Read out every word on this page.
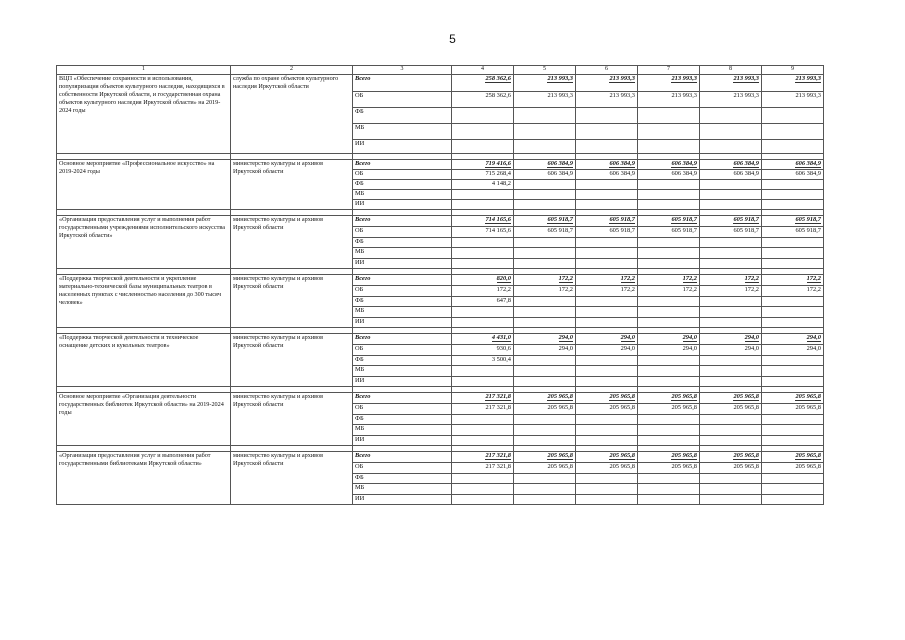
5
1	2	3	4	5	6	7	8	9
ВЦП «Обеспечение сохранности и использования, популяризация объектов культурного наследия, находящихся в собственности Иркутской области, и государственная охрана объектов культурного наследия Иркутской области» на 2019-2024 годы	служба по охране объектов культурного наследия Иркутской области	Всего	258 362,6	213 993,3	213 993,3	213 993,3	213 993,3	213 993,3
		ОБ	258 362,6	213 993,3	213 993,3	213 993,3	213 993,3	213 993,3
		ФБ						
		МБ						
		ИИ						

Основное мероприятие «Профессиональное искусство» на 2019-2024 годы	министерство культуры и архивов Иркутской области	Всего	719 416,6	606 384,9	606 384,9	606 384,9	606 384,9	606 384,9
		ОБ	715 268,4	606 384,9	606 384,9	606 384,9	606 384,9	606 384,9
		ФБ	4 148,2					
		МБ						
		ИИ						

«Организация предоставления услуг и выполнения работ государственными учреждениями исполнительского искусства Иркутской области»	министерство культуры и архивов Иркутской области	Всего	714 165,6	605 918,7	605 918,7	605 918,7	605 918,7	605 918,7
		ОБ	714 165,6	605 918,7	605 918,7	605 918,7	605 918,7	605 918,7
		ФБ						
		МБ						
		ИИ						

«Поддержка творческой деятельности и укрепление материально-технической базы муниципальных театров в населенных пунктах с численностью населения до 300 тысяч человек»	министерство культуры и архивов Иркутской области	Всего	820,0	172,2	172,2	172,2	172,2	172,2
		ОБ	172,2	172,2	172,2	172,2	172,2	172,2
		ФБ	647,8					
		МБ						
		ИИ						

«Поддержка творческой деятельности и техническое оснащение детских и кукольных театров»	министерство культуры и архивов Иркутской области	Всего	4 431,0	294,0	294,0	294,0	294,0	294,0
		ОБ	930,6	294,0	294,0	294,0	294,0	294,0
		ФБ	3 500,4					
		МБ						
		ИИ						

Основное мероприятие «Организация деятельности государственных библиотек Иркутской области» на 2019-2024 годы	министерство культуры и архивов Иркутской области	Всего	217 321,8	205 965,8	205 965,8	205 965,8	205 965,8	205 965,8
		ОБ	217 321,8	205 965,8	205 965,8	205 965,8	205 965,8	205 965,8
		ФБ						
		МБ						
		ИИ						

«Организация предоставления услуг и выполнения работ государственными библиотеками Иркутской области»	министерство культуры и архивов Иркутской области	Всего	217 321,8	205 965,8	205 965,8	205 965,8	205 965,8	205 965,8
		ОБ	217 321,8	205 965,8	205 965,8	205 965,8	205 965,8	205 965,8
		ФБ						
		МБ						
		ИИ						
